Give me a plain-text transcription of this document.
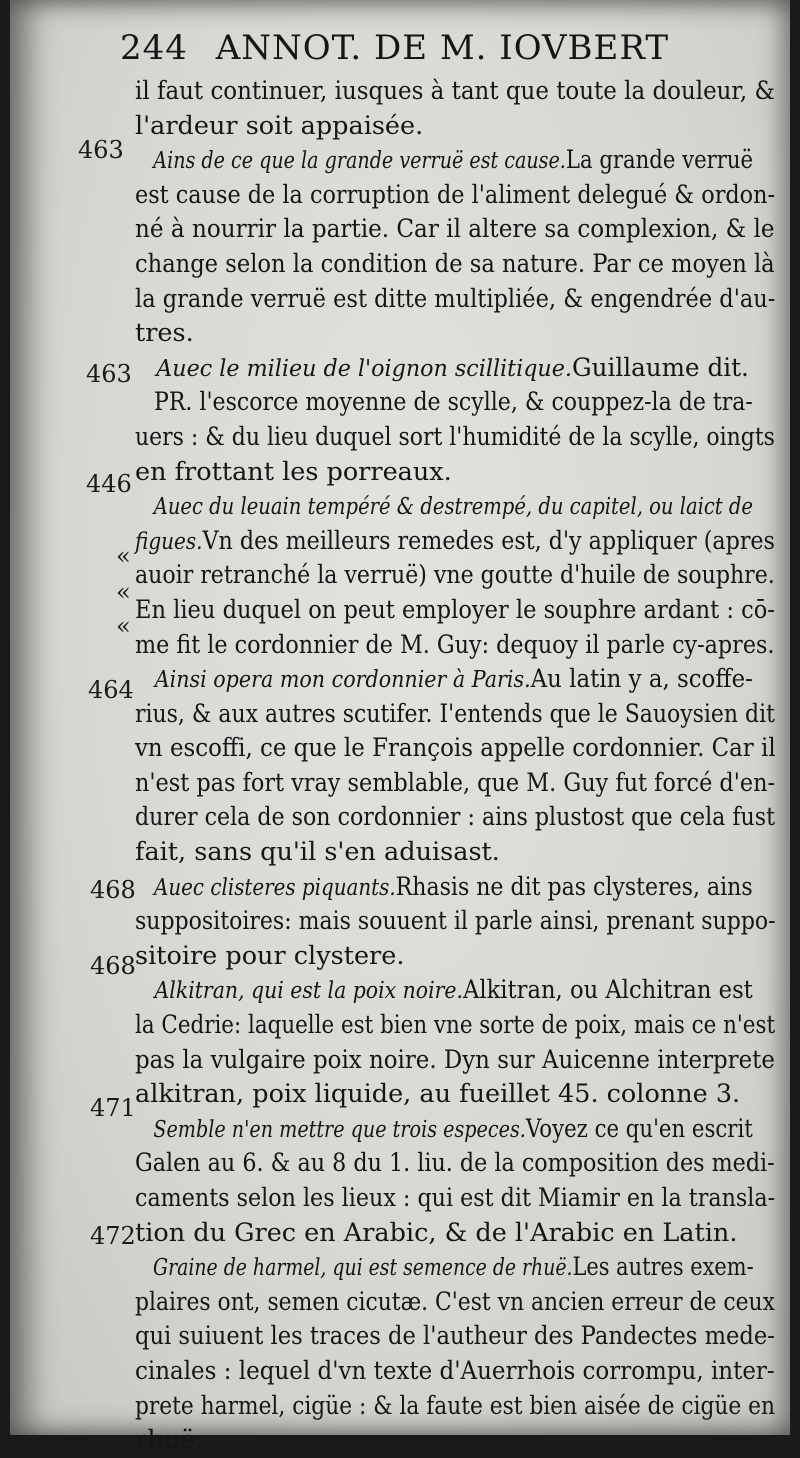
244 ANNOT. DE M. IOVBERT
463
463
446
464
468
468
471
472
«
«
«
il faut continuer, iusques à tant que toute la douleur, &
l'ardeur soit appaisée.
Ains de ce que la grande verruë est cause.La grande verruë
est cause de la corruption de l'aliment delegué & ordon-
né à nourrir la partie. Car il altere sa complexion, & le
change selon la condition de sa nature. Par ce moyen là
la grande verruë est ditte multipliée, & engendrée d'au-
tres.
Auec le milieu de l'oignon scillitique.Guillaume dit.
PR. l'escorce moyenne de scylle, & couppez-la de tra-
uers : & du lieu duquel sort l'humidité de la scylle, oingts
en frottant les porreaux.
Auec du leuain tempéré & destrempé, du capitel, ou laict de
figues.Vn des meilleurs remedes est, d'y appliquer (apres
auoir retranché la verruë) vne goutte d'huile de souphre.
En lieu duquel on peut employer le souphre ardant : cō-
me fit le cordonnier de M. Guy: dequoy il parle cy-apres.
Ainsi opera mon cordonnier à Paris.Au latin y a, scoffe-
rius, & aux autres scutifer. I'entends que le Sauoysien dit
vn escoffi, ce que le François appelle cordonnier. Car il
n'est pas fort vray semblable, que M. Guy fut forcé d'en-
durer cela de son cordonnier : ains plustost que cela fust
fait, sans qu'il s'en aduisast.
Auec clisteres piquants.Rhasis ne dit pas clysteres, ains
suppositoires: mais souuent il parle ainsi, prenant suppo-
sitoire pour clystere.
Alkitran, qui est la poix noire.Alkitran, ou Alchitran est
la Cedrie: laquelle est bien vne sorte de poix, mais ce n'est
pas la vulgaire poix noire. Dyn sur Auicenne interprete
alkitran, poix liquide, au fueillet 45. colonne 3.
Semble n'en mettre que trois especes.Voyez ce qu'en escrit
Galen au 6. & au 8 du 1. liu. de la composition des medi-
caments selon les lieux : qui est dit Miamir en la transla-
tion du Grec en Arabic, & de l'Arabic en Latin.
Graine de harmel, qui est semence de rhuë.Les autres exem-
plaires ont, semen cicutæ. C'est vn ancien erreur de ceux
qui suiuent les traces de l'autheur des Pandectes mede-
cinales : lequel d'vn texte d'Auerrhois corrompu, inter-
prete harmel, cigüe : & la faute est bien aisée de cigüe en
rhuë.
